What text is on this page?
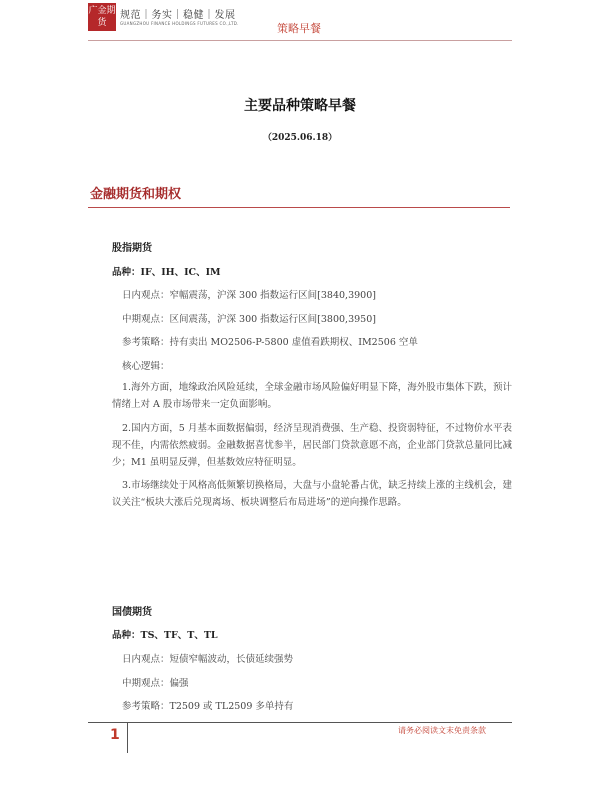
广金期货
规范｜务实｜稳健｜发展
GUANGZHOU FINANCE HOLDINGS FUTURES CO.,LTD.	策略早餐
主要品种策略早餐
（2025.06.18）
金融期货和期权
股指期货
品种：IF、IH、IC、IM
日内观点：窄幅震荡，沪深 300 指数运行区间[3840,3900]
中期观点：区间震荡，沪深 300 指数运行区间[3800,3950]
参考策略：持有卖出 MO2506-P-5800 虚值看跌期权、IM2506 空单
核心逻辑：
1.海外方面，地缘政治风险延续，全球金融市场风险偏好明显下降，海外股市集体下跌，预计情绪上对 A 股市场带来一定负面影响。
2.国内方面，5 月基本面数据偏弱，经济呈现消费强、生产稳、投资弱特征，不过物价水平表现不佳，内需依然疲弱。金融数据喜忧参半，居民部门贷款意愿不高，企业部门贷款总量同比减少；M1 虽明显反弹，但基数效应特征明显。
3.市场继续处于风格高低频繁切换格局，大盘与小盘轮番占优，缺乏持续上涨的主线机会，建议关注“板块大涨后兑现离场、板块调整后布局进场”的逆向操作思路。
国债期货
品种：TS、TF、T、TL
日内观点：短债窄幅波动，长债延续强势
中期观点：偏强
参考策略：T2509 或 TL2509 多单持有
1	请务必阅读文末免责条款
